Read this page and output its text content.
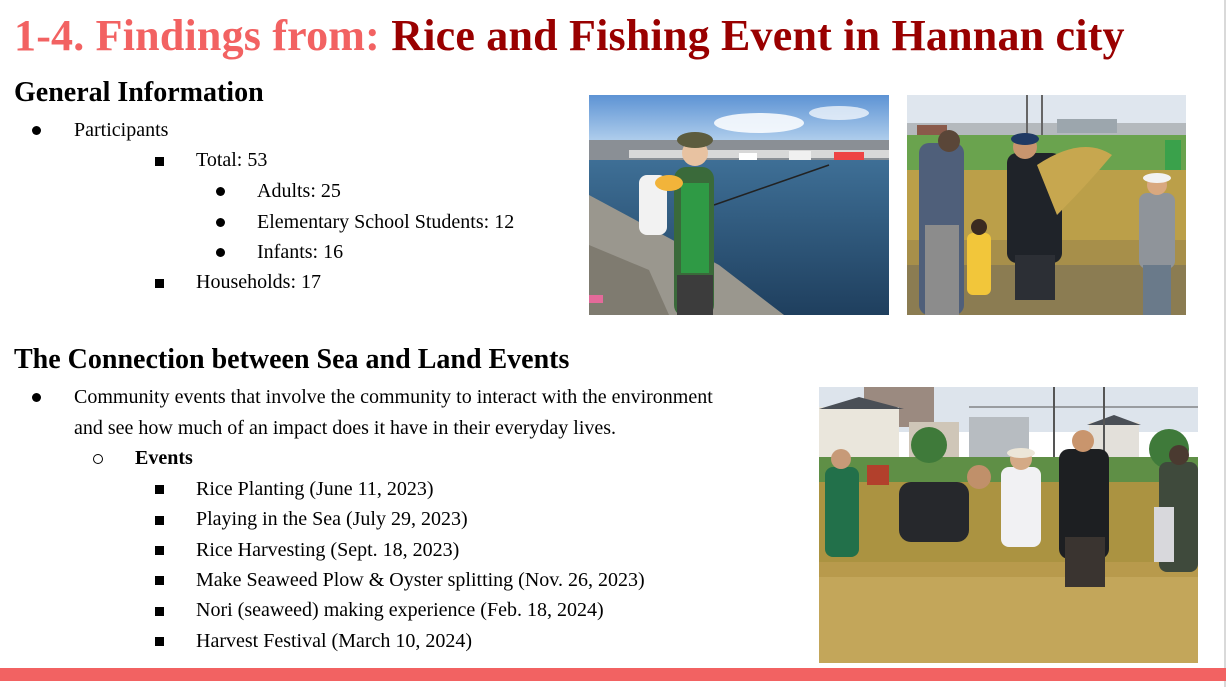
1-4. Findings from: Rice and Fishing Event in Hannan city
General Information
Participants
Total: 53
Adults: 25
Elementary School Students: 12
Infants: 16
Households: 17
The Connection between Sea and Land Events
Community events that involve the community to interact with the environment
and see how much of an impact does it have in their everyday lives.
Events
Rice Planting (June 11, 2023)
Playing in the Sea (July 29, 2023)
Rice Harvesting (Sept. 18, 2023)
Make Seaweed Plow & Oyster splitting (Nov. 26, 2023)
Nori (seaweed) making experience (Feb. 18, 2024)
Harvest Festival (March 10, 2024)
